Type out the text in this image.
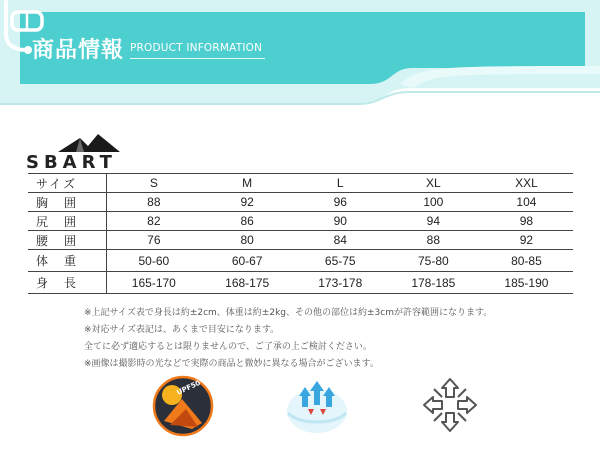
商品情報 PRODUCT INFORMATION
SBART
サイズ	S	M	L	XL	XXL
胸　囲	88	92	96	100	104
尻　囲	82	86	90	94	98
腰　囲	76	80	84	88	92
体　重	50-60	60-67	65-75	75-80	80-85
身　長	165-170	168-175	173-178	178-185	185-190
※上記サイズ表で身長は約±2cm、体重は約±2kg、その他の部位は約±3cmが許容範囲になります。
※対応サイズ表記は、あくまで目安になります。
全てに必ず適応するとは限りませんので、ご了承の上ご検討ください。
※画像は撮影時の光などで実際の商品と微妙に異なる場合がございます。
UPF50+
